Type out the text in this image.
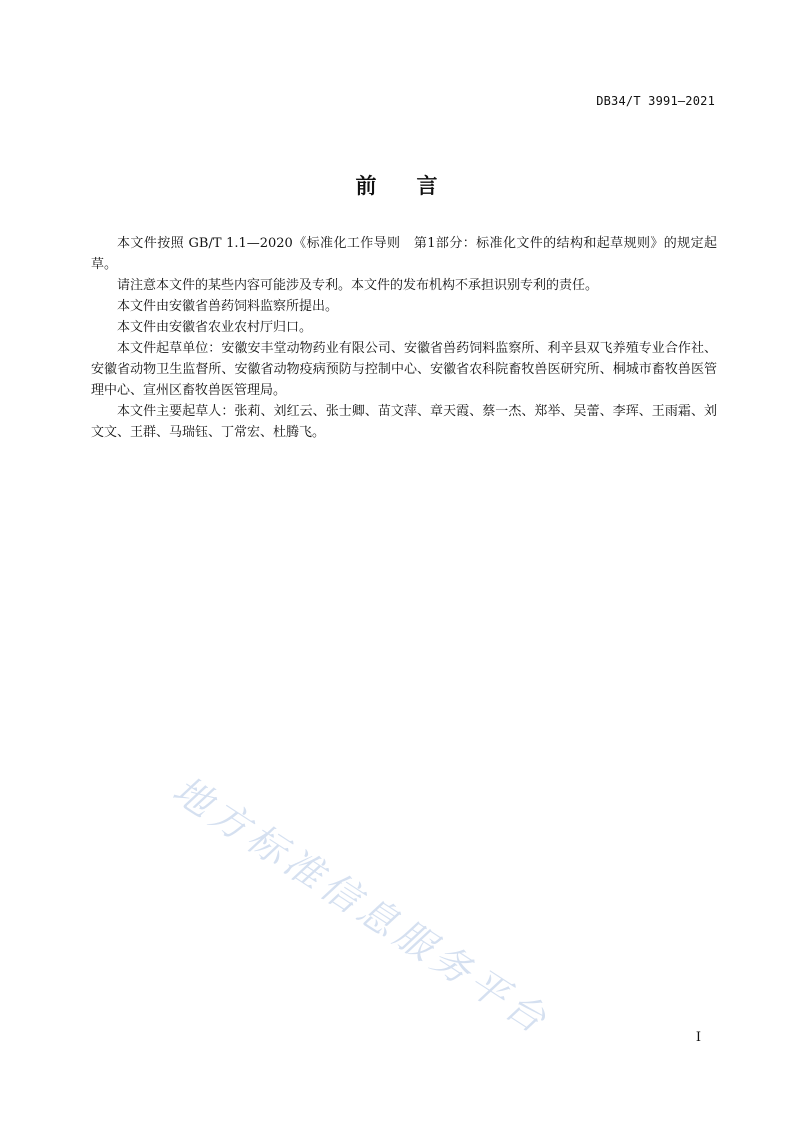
DB34/T 3991—2021
前言

本文件按照 GB/T 1.1—2020《标准化工作导则　第1部分：标准化文件的结构和起草规则》的规定起草。

请注意本文件的某些内容可能涉及专利。本文件的发布机构不承担识别专利的责任。

本文件由安徽省兽药饲料监察所提出。

本文件由安徽省农业农村厅归口。

本文件起草单位：安徽安丰堂动物药业有限公司、安徽省兽药饲料监察所、利辛县双飞养殖专业合作社、安徽省动物卫生监督所、安徽省动物疫病预防与控制中心、安徽省农科院畜牧兽医研究所、桐城市畜牧兽医管理中心、宣州区畜牧兽医管理局。

本文件主要起草人：张莉、刘红云、张士卿、苗文萍、章天霞、蔡一杰、郑举、吴蕾、李珲、王雨霜、刘文文、王群、马瑞钰、丁常宏、杜腾飞。

地方标准信息服务平台	I
